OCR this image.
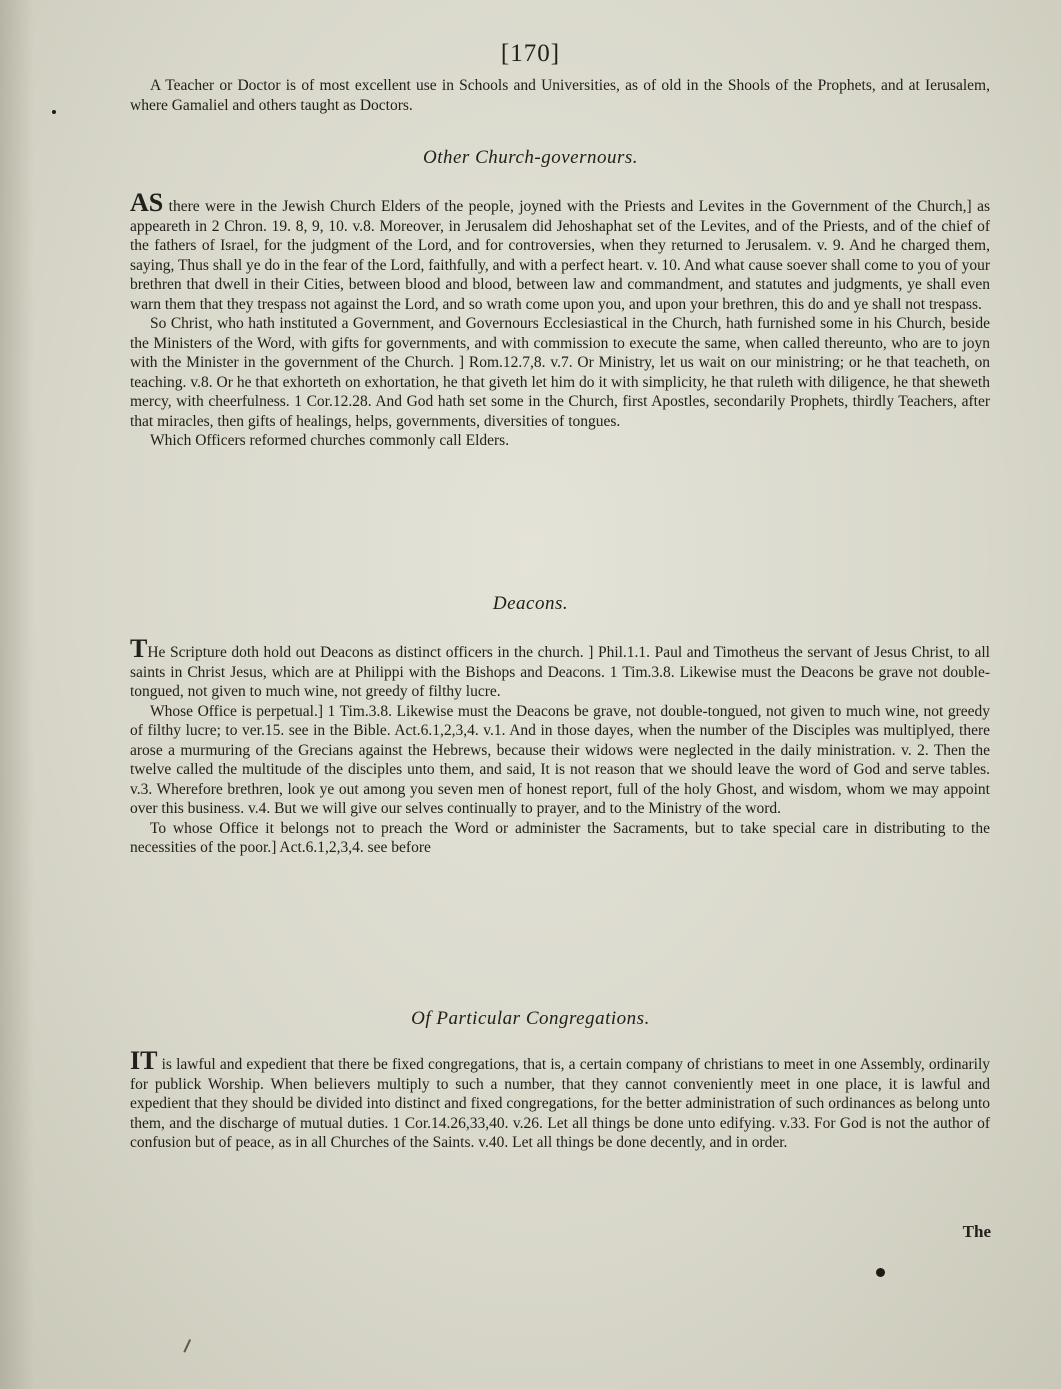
[170]

A Teacher or Doctor is of most excellent use in Schools and Universities, as of old in the Shools of the Prophets, and at Ierusalem, where Gamaliel and others taught as Doctors.

Other Church-governours.

AS there were in the Jewish Church Elders of the people, joyned with the Priests and Levites in the Government of the Church,] as appeareth in 2 Chron. 19. 8, 9, 10. v.8. Moreover, in Jerusalem did Jehoshaphat set of the Levites, and of the Priests, and of the chief of the fathers of Israel, for the judgment of the Lord, and for controversies, when they returned to Jerusalem. v. 9. And he charged them, saying, Thus shall ye do in the fear of the Lord, faithfully, and with a perfect heart. v. 10. And what cause soever shall come to you of your brethren that dwell in their Cities, between blood and blood, between law and commandment, and statutes and judgments, ye shall even warn them that they trespass not against the Lord, and so wrath come upon you, and upon your brethren, this do and ye shall not trespass.

So Christ, who hath instituted a Government, and Governours Ecclesiastical in the Church, hath furnished some in his Church, beside the Ministers of the Word, with gifts for governments, and with commission to execute the same, when called thereunto, who are to joyn with the Minister in the government of the Church. ] Rom.12.7,8. v.7. Or Ministry, let us wait on our ministring; or he that teacheth, on teaching. v.8. Or he that exhorteth on exhortation, he that giveth let him do it with simplicity, he that ruleth with diligence, he that sheweth mercy, with cheerfulness. 1 Cor.12.28. And God hath set some in the Church, first Apostles, secondarily Prophets, thirdly Teachers, after that miracles, then gifts of healings, helps, governments, diversities of tongues.

Which Officers reformed churches commonly call Elders.

Deacons.

THe Scripture doth hold out Deacons as distinct officers in the church. ] Phil.1.1. Paul and Timotheus the servant of Jesus Christ, to all saints in Christ Jesus, which are at Philippi with the Bishops and Deacons. 1 Tim.3.8. Likewise must the Deacons be grave not double-tongued, not given to much wine, not greedy of filthy lucre.

Whose Office is perpetual.] 1 Tim.3.8. Likewise must the Deacons be grave, not double-tongued, not given to much wine, not greedy of filthy lucre; to ver.15. see in the Bible. Act.6.1,2,3,4. v.1. And in those dayes, when the number of the Disciples was multiplyed, there arose a murmuring of the Grecians against the Hebrews, because their widows were neglected in the daily ministration. v. 2. Then the twelve called the multitude of the disciples unto them, and said, It is not reason that we should leave the word of God and serve tables. v.3. Wherefore brethren, look ye out among you seven men of honest report, full of the holy Ghost, and wisdom, whom we may appoint over this business. v.4. But we will give our selves continually to prayer, and to the Ministry of the word.

To whose Office it belongs not to preach the Word or administer the Sacraments, but to take special care in distributing to the necessities of the poor.] Act.6.1,2,3,4. see before

Of Particular Congregations.

IT is lawful and expedient that there be fixed congregations, that is, a certain company of christians to meet in one Assembly, ordinarily for publick Worship. When believers multiply to such a number, that they cannot conveniently meet in one place, it is lawful and expedient that they should be divided into distinct and fixed congregations, for the better administration of such ordinances as belong unto them, and the discharge of mutual duties. 1 Cor.14.26,33,40. v.26. Let all things be done unto edifying. v.33. For God is not the author of confusion but of peace, as in all Churches of the Saints. v.40. Let all things be done decently, and in order.

The
